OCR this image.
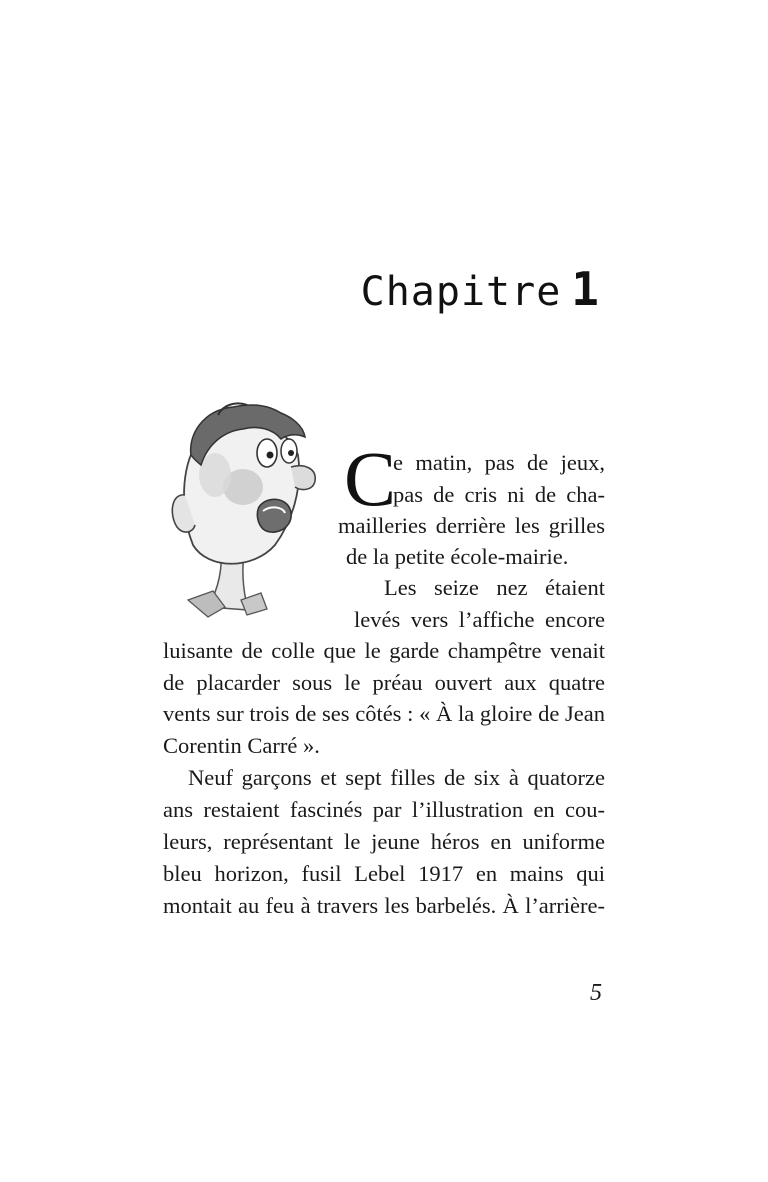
Chapitre 1
C
e matin, pas de jeux,
pas de cris ni de cha-
mailleries derrière les grilles
de la petite école-mairie.
Les seize nez étaient
levés vers l’affiche encore
luisante de colle que le garde champêtre venait
de placarder sous le préau ouvert aux quatre
vents sur trois de ses côtés : « À la gloire de Jean
Corentin Carré ».
Neuf garçons et sept filles de six à quatorze
ans restaient fascinés par l’illustration en cou-
leurs, représentant le jeune héros en uniforme
bleu horizon, fusil Lebel 1917 en mains qui
montait au feu à travers les barbelés. À l’arrière-
5
